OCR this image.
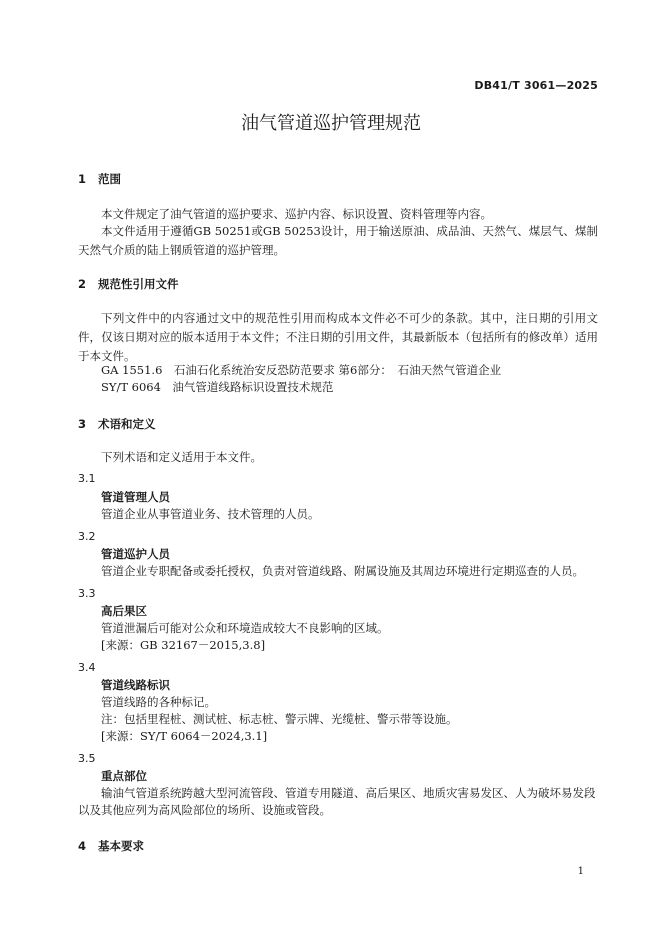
DB41/T 3061—2025
油气管道巡护管理规范
1 范围
本文件规定了油气管道的巡护要求、巡护内容、标识设置、资料管理等内容。
本文件适用于遵循GB 50251或GB 50253设计，用于输送原油、成品油、天然气、煤层气、煤制天然气介质的陆上钢质管道的巡护管理。
2 规范性引用文件
下列文件中的内容通过文中的规范性引用而构成本文件必不可少的条款。其中，注日期的引用文件，仅该日期对应的版本适用于本文件；不注日期的引用文件，其最新版本（包括所有的修改单）适用于本文件。
GA 1551.6　石油石化系统治安反恐防范要求 第6部分：　石油天然气管道企业
SY/T 6064　油气管道线路标识设置技术规范
3 术语和定义
下列术语和定义适用于本文件。
3.1
管道管理人员
管道企业从事管道业务、技术管理的人员。
3.2
管道巡护人员
管道企业专职配备或委托授权，负责对管道线路、附属设施及其周边环境进行定期巡查的人员。
3.3
高后果区
管道泄漏后可能对公众和环境造成较大不良影响的区域。
[来源：GB 32167－2015,3.8]
3.4
管道线路标识
管道线路的各种标记。
注：包括里程桩、测试桩、标志桩、警示牌、光缆桩、警示带等设施。
[来源：SY/T 6064－2024,3.1]
3.5
重点部位
输油气管道系统跨越大型河流管段、管道专用隧道、高后果区、地质灾害易发区、人为破坏易发段
以及其他应列为高风险部位的场所、设施或管段。
4 基本要求
1
